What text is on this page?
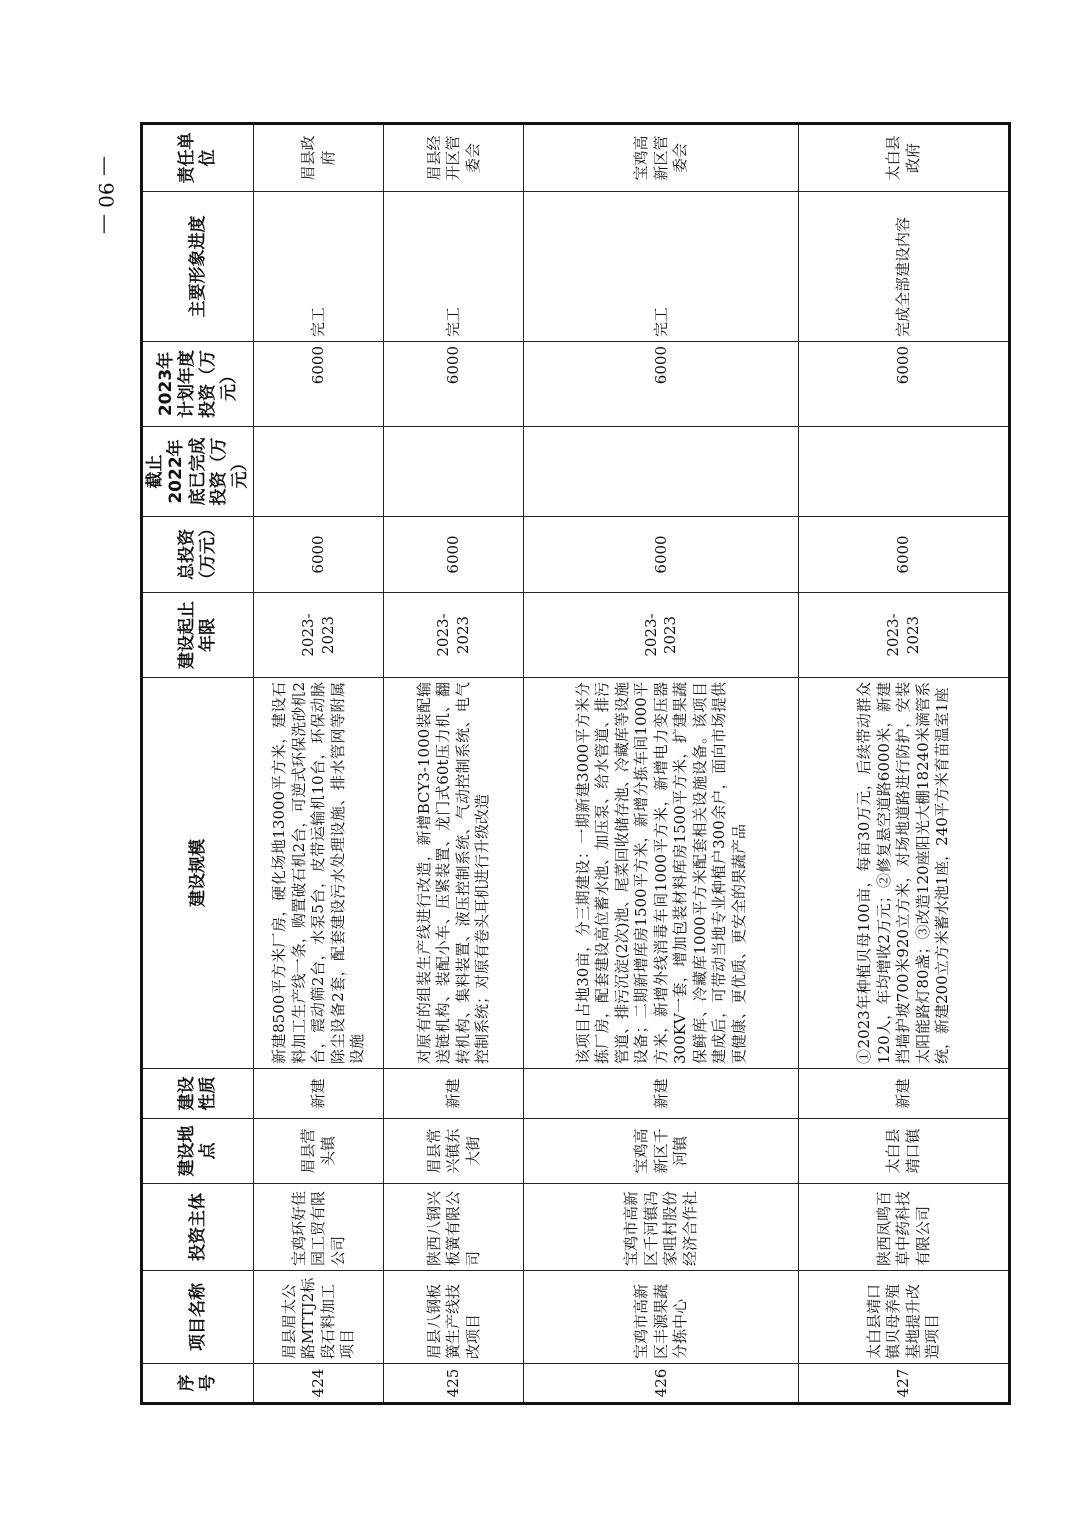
— 90 —
序号	项目名称	投资主体	建设地点	建设性质	建设规模	建设起止年限	总投资（万元）	截止2022年底已完成投资（万元）	2023年计划年度投资（万元）	主要形象进度	责任单位
424	眉县眉太公路MTTJ2标段石料加工项目	宝鸡环好佳园工贸有限公司	眉县营头镇	新建	新建8500平方米厂房，硬化场地13000平方米，建设石料加工生产线一条，购置破石机2台，可逆式环保洗砂机2台，震动筛2台，水泵5台，皮带运输机10台，环保动脉除尘设备2套，配套建设污水处理设施、排水管网等附属设施	2023-2023	6000		6000	完工	眉县政府
425	眉县八钢板簧生产线技改项目	陕西八钢兴板簧有限公司	眉县常兴镇东大街	新建	对原有的组装生产线进行改造，新增BCY3-1000装配输送链机构、装配小车、压紧装置、龙门式60t压力机、翻转机构、集料装置、液压控制系统、气动控制系统、电气控制系统；对原有卷头耳机进行升级改造	2023-2023	6000		6000	完工	眉县经开区管委会
426	宝鸡市高新区丰源果蔬分拣中心	宝鸡市高新区千河镇冯家咀村股份经济合作社	宝鸡高新区千河镇	新建	该项目占地30亩，分三期建设：一期新建3000平方米分拣厂房，配套建设高位蓄水池、加压泵、给水管道、排污管道、排污沉淀(2次)池、尾菜回收储存池、冷藏库等设施设备；二期新增库房1500平方米，新增分拣车间1000平方米，新增外线消毒车间1000平方米，新增电力变压器300KV一套，增加包装材料库房1500平方米，扩建果蔬保鲜库、冷藏库1000平方米配套相关设施设备。该项目建成后，可带动当地专业种植户300余户，面向市场提供更健康、更优质、更安全的果蔬产品	2023-2023	6000		6000	完工	宝鸡高新区管委会
427	太白县靖口镇贝母养殖基地提升改造项目	陕西凤鸣百草中药科技有限公司	太白县靖口镇	新建	①2023年种植贝母100亩，每亩30万元，后续带动群众120人，年均增收2万元；②修复悬空道路6000米，新建挡墙护坡700米920立方米，对场地道路进行防护，安装太阳能路灯80盏；③改造120座阳光大棚18240米滴管系统，新建200立方米蓄水池1座，240平方米育苗温室1座	2023-2023	6000		6000	完成全部建设内容	太白县政府
